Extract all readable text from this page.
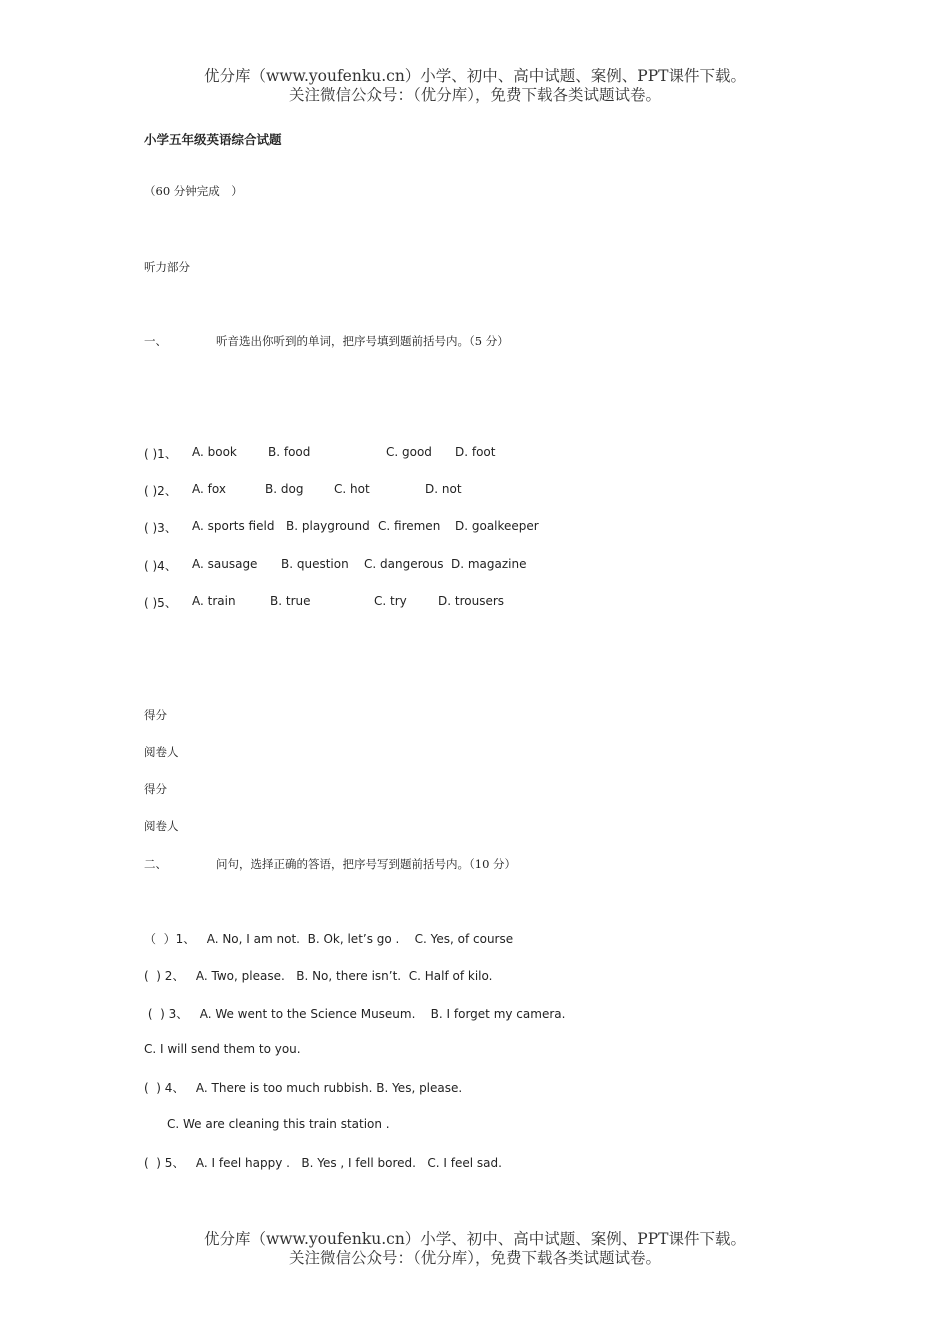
优分库（www.youfenku.cn）小学、初中、高中试题、案例、PPT课件下载。
关注微信公众号：（优分库），免费下载各类试题试卷。
小学五年级英语综合试题
（60 分钟完成　）
听力部分
一、	听音选出你听到的单词，把序号填到题前括号内。（5 分）
( )1、 A. book	B. food	C. good D. foot
( )2、 A. fox	B. dog	C. hot	D. not
( )3、 A. sports field B. playground C. firemen D. goalkeeper
( )4、 A. sausage B. question C. dangerous D. magazine
( )5、 A. train	B. true	C. try	D. trousers
得分
阅卷人
得分
阅卷人
二、	问句，选择正确的答语，把序号写到题前括号内。（10 分）
（  ）1、   A. No, I am not.  B. Ok, let’s go .    C. Yes, of course
(  ) 2、   A. Two, please.   B. No, there isn’t.  C. Half of kilo.
(  ) 3、   A. We went to the Science Museum.    B. I forget my camera.
C. I will send them to you.
(  ) 4、   A. There is too much rubbish. B. Yes, please.
C. We are cleaning this train station .
(  ) 5、   A. I feel happy .   B. Yes , I fell bored.   C. I feel sad.
优分库（www.youfenku.cn）小学、初中、高中试题、案例、PPT课件下载。
关注微信公众号：（优分库），免费下载各类试题试卷。
